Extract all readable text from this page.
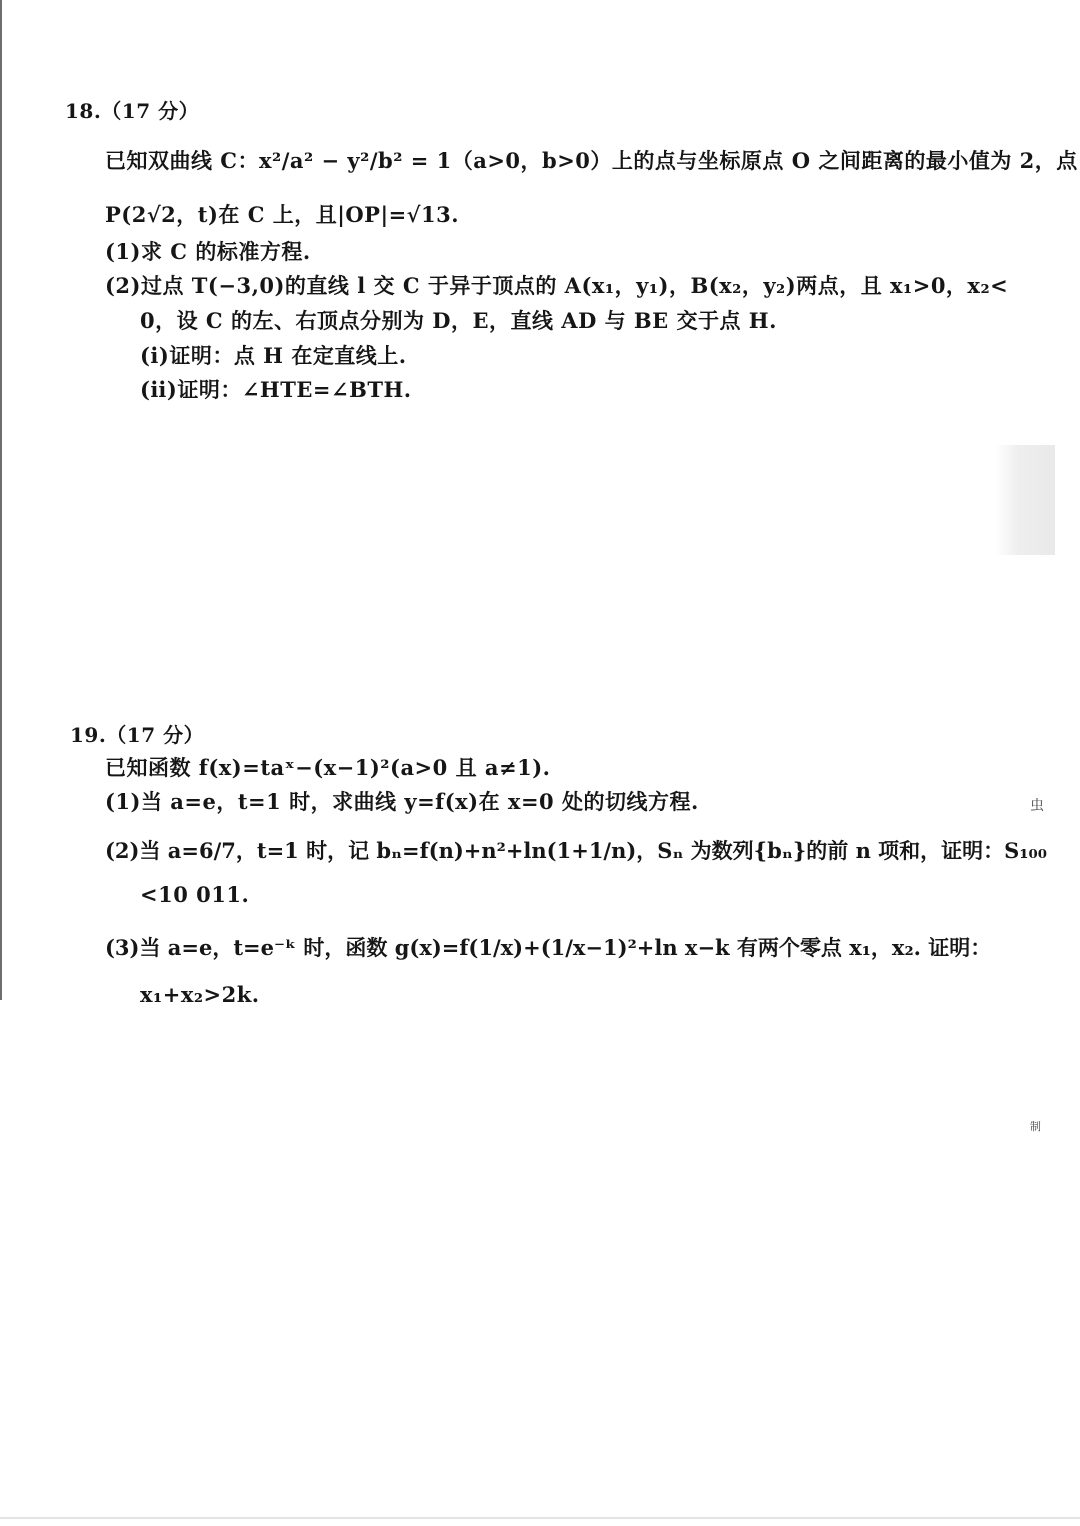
18.（17 分）
已知双曲线 C：x²/a² − y²/b² = 1（a>0，b>0）上的点与坐标原点 O 之间距离的最小值为 2，点
P(2√2，t)在 C 上，且|OP|=√13.
(1)求 C 的标准方程.
(2)过点 T(−3,0)的直线 l 交 C 于异于顶点的 A(x₁，y₁)，B(x₂，y₂)两点，且 x₁>0，x₂<
0，设 C 的左、右顶点分别为 D，E，直线 AD 与 BE 交于点 H.
(ⅰ)证明：点 H 在定直线上.
(ⅱ)证明：∠HTE=∠BTH.
19.（17 分）
已知函数 f(x)=taˣ−(x−1)²(a>0 且 a≠1).
(1)当 a=e，t=1 时，求曲线 y=f(x)在 x=0 处的切线方程.
(2)当 a=6/7，t=1 时，记 bₙ=f(n)+n²+ln(1+1/n)，Sₙ 为数列{bₙ}的前 n 项和，证明：S₁₀₀
<10 011.
(3)当 a=e，t=e⁻ᵏ 时，函数 g(x)=f(1/x)+(1/x−1)²+ln x−k 有两个零点 x₁，x₂. 证明：
x₁+x₂>2k.
虫
制
